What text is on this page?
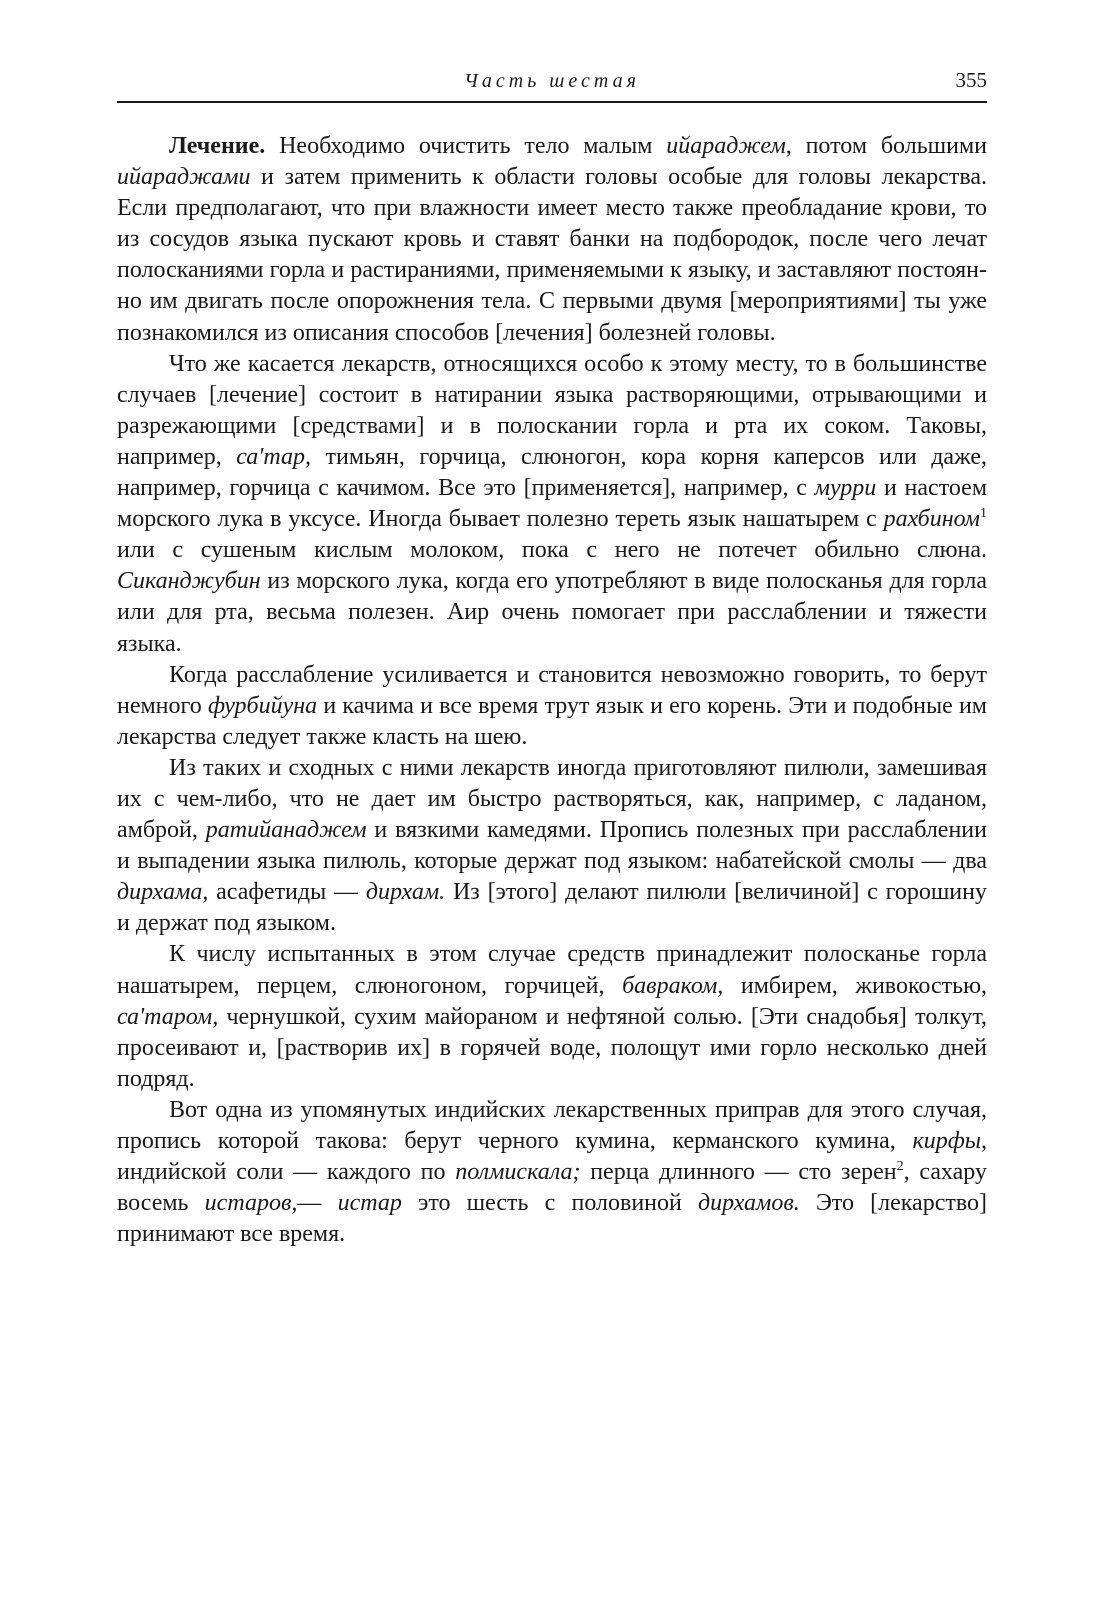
Часть шестая	355

Лечение. Необходимо очистить тело малым ийараджем, потом большими ийараджами и затем применить к области головы особые для головы лекарства. Если предполагают, что при влажности имеет место также преобладание крови, то из сосудов языка пускают кровь и ставят банки на подбородок, после чего лечат полосканиями горла и растираниями, применяемыми к языку, и заставляют постоянно им двигать после опорожнения тела. С первыми двумя [мероприятиями] ты уже познакомился из описания способов [лечения] болезней головы.

Что же касается лекарств, относящихся особо к этому месту, то в большинстве случаев [лечение] состоит в натирании языка растворяющими, отрывающими и разрежающими [средствами] и в полоскании горла и рта их соком. Таковы, например, са'тар, тимьян, горчица, слюногон, кора корня каперсов или даже, например, горчица с качимом. Все это [применяется], например, с мурри и настоем морского лука в уксусе. Иногда бывает полезно тереть язык нашатырем с рахбином$^1$ или с сушеным кислым молоком, пока с него не потечет обильно слюна. Сиканджубин из морского лука, когда его употребляют в виде полосканья для горла или для рта, весьма полезен. Аир очень помогает при расслаблении и тяжести языка.

Когда расслабление усиливается и становится невозможно говорить, то берут немного фурбийуна и качима и все время трут язык и его корень. Эти и подобные им лекарства следует также класть на шею.

Из таких и сходных с ними лекарств иногда приготовляют пилюли, замешивая их с чем-либо, что не дает им быстро растворяться, как, например, с ладаном, амброй, ратийанаджем и вязкими камедями. Пропись полезных при расслаблении и выпадении языка пилюль, которые держат под языком: набатейской смолы — два дирхама, асафетиды — дирхам. Из [этого] делают пилюли [величиной] с горошину и держат под языком.

К числу испытанных в этом случае средств принадлежит полосканье горла нашатырем, перцем, слюногоном, горчицей, бавраком, имбирем, живокостью, са'таром, чернушкой, сухим майораном и нефтяной солью. [Эти снадобья] толкут, просеивают и, [растворив их] в горячей воде, полощут ими горло несколько дней подряд.

Вот одна из упомянутых индийских лекарственных приправ для этого случая, пропись которой такова: берут черного кумина, керманского кумина, кирфы, индийской соли — каждого по полмискала; перца длинного — сто зерен$^2$, сахару восемь истаров,— истар это шесть с половиной дирхамов. Это [лекарство] принимают все время.
